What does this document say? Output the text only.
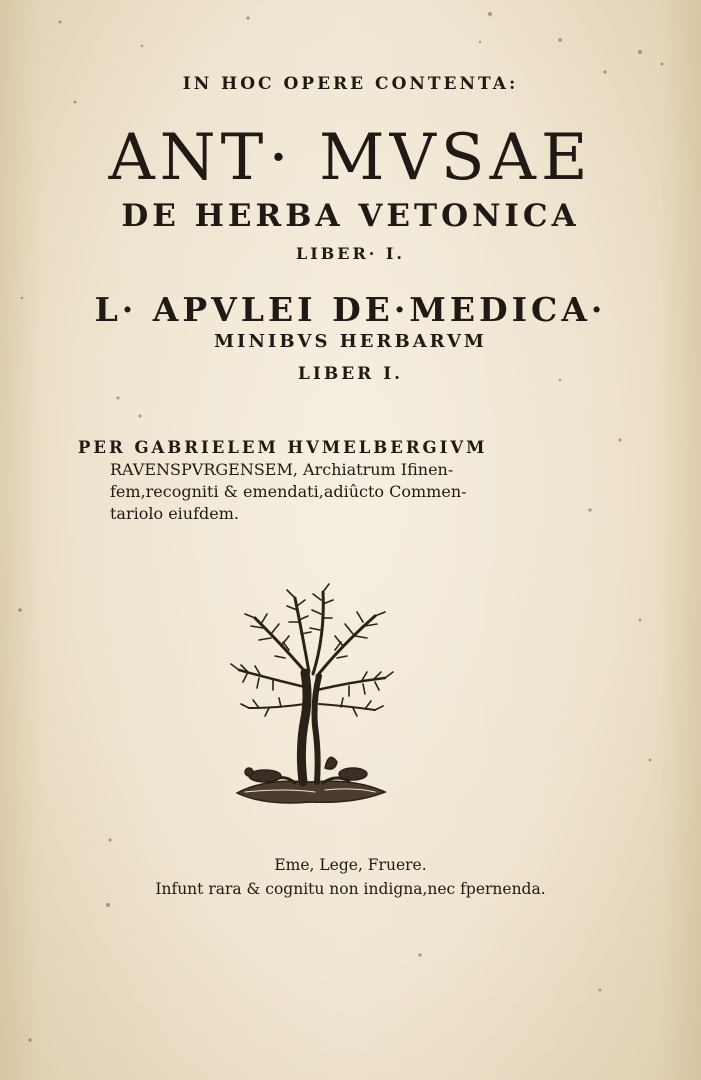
IN HOC OPERE CONTENTA:
ANT· MVSAE
DE HERBA VETONICA
LIBER· I.
L· APVLEI DE·MEDICA·
MINIBVS HERBARVM
LIBER I.
PER GABRIELEM HVMELBERGIVM
RAVENSPVRGENSEM, Archiatrum Ifinen-
fem,recogniti & emendati,adiûcto Commen-
tariolo eiufdem.
Eme, Lege, Fruere.
Infunt rara & cognitu non indigna,nec fpernenda.
